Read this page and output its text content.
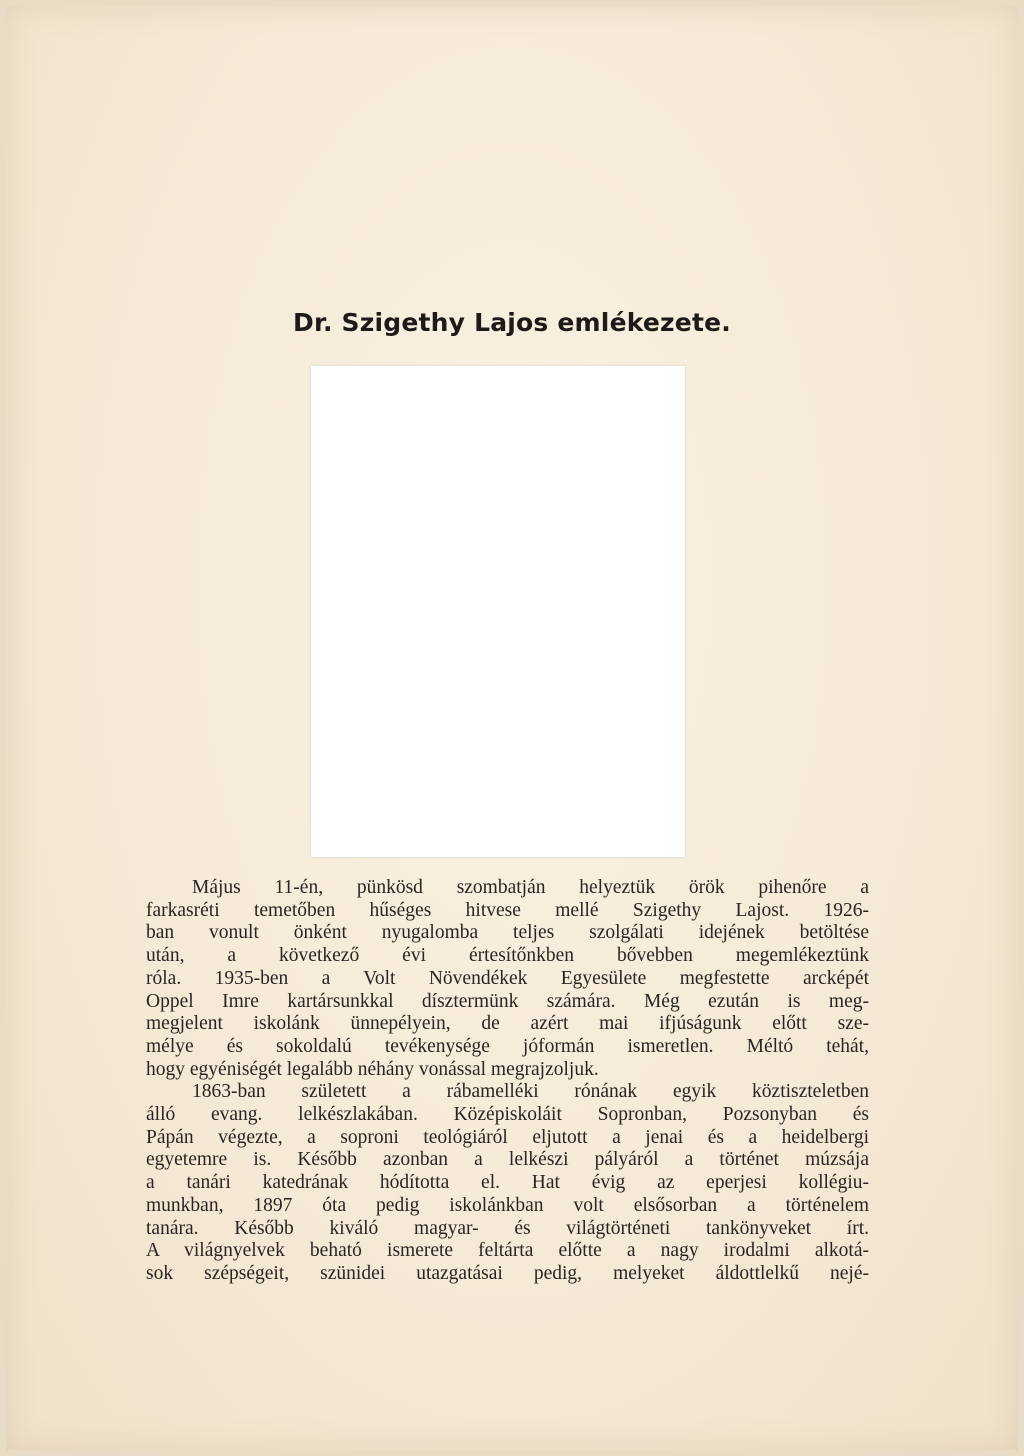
Dr. Szigethy Lajos emlékezete.
Május 11-én, pünkösd szombatján helyeztük örök pihenőre a
farkasréti temetőben hűséges hitvese mellé Szigethy Lajost. 1926-
ban vonult önként nyugalomba teljes szolgálati idejének betöltése
után, a következő évi értesítőnkben bővebben megemlékeztünk
róla. 1935-ben a Volt Növendékek Egyesülete megfestette arcképét
Oppel Imre kartársunkkal dísztermünk számára. Még ezután is meg-
megjelent iskolánk ünnepélyein, de azért mai ifjúságunk előtt sze-
mélye és sokoldalú tevékenysége jóformán ismeretlen. Méltó tehát,
hogy egyéniségét legalább néhány vonással megrajzoljuk.
1863-ban született a rábamelléki rónának egyik köztiszteletben
álló evang. lelkészlakában. Középiskoláit Sopronban, Pozsonyban és
Pápán végezte, a soproni teológiáról eljutott a jenai és a heidelbergi
egyetemre is. Később azonban a lelkészi pályáról a történet múzsája
a tanári katedrának hódította el. Hat évig az eperjesi kollégiu-
munkban, 1897 óta pedig iskolánkban volt elsősorban a történelem
tanára. Később kiváló magyar- és világtörténeti tankönyveket írt.
A világnyelvek beható ismerete feltárta előtte a nagy irodalmi alkotá-
sok szépségeit, szünidei utazgatásai pedig, melyeket áldottlelkű nejé-
